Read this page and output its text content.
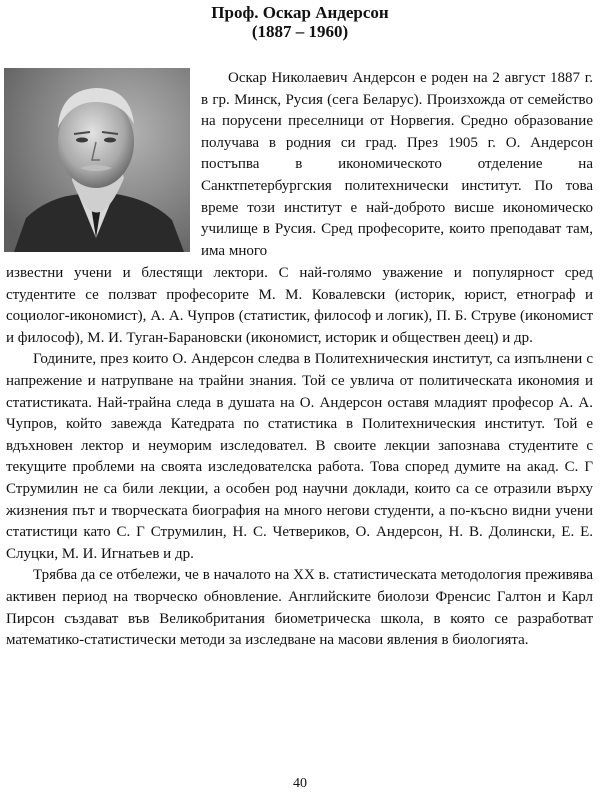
Проф. Оскар Андерсон
(1887 – 1960)

Оскар Николаевич Андерсон е роден на 2 август 1887 г. в гр. Минск, Русия (сега Беларус). Произхожда от семейство на порусени преселници от Норвегия. Средно образование получава в родния си град. През 1905 г. О. Андерсон постъпва в икономическото отделение на Санктпетербургския политехнически институт. По това време този институт е най-доброто висше икономическо училище в Русия. Сред професорите, които преподават там, има много

известни учени и блестящи лектори. С най-голямо уважение и популярност сред студентите се ползват професорите М. М. Ковалевски (историк, юрист, етнограф и социолог-икономист), А. А. Чупров (статистик, философ и логик), П. Б. Струве (икономист и философ), М. И. Туган-Барановски (икономист, историк и обществен деец) и др.

Годините, през които О. Андерсон следва в Политехническия институт, са изпълнени с напрежение и натрупване на трайни знания. Той се увлича от политическата икономия и статистиката. Най-трайна следа в душата на О. Андерсон оставя младият професор А. А. Чупров, който завежда Катедрата по статистика в Политехническия институт. Той е вдъхновен лектор и неуморим изследовател. В своите лекции запознава студентите с текущите проблеми на своята изследователска работа. Това според думите на акад. С. Г Струмилин не са били лекции, а особен род научни доклади, които са се отразили върху жизнения път и творческата биография на много негови студенти, а по-късно видни учени статистици като С. Г Струмилин, Н. С. Четвериков, О. Андерсон, Н. В. Долински, Е. Е. Слуцки, М. И. Игнатьев и др.

Трябва да се отбележи, че в началото на ХХ в. статистическата методология преживява активен период на творческо обновление. Английските биолози Френсис Галтон и Карл Пирсон създават във Великобритания биометрическа школа, в която се разработват математико-статистически методи за изследване на масови явления в биологията.

40
